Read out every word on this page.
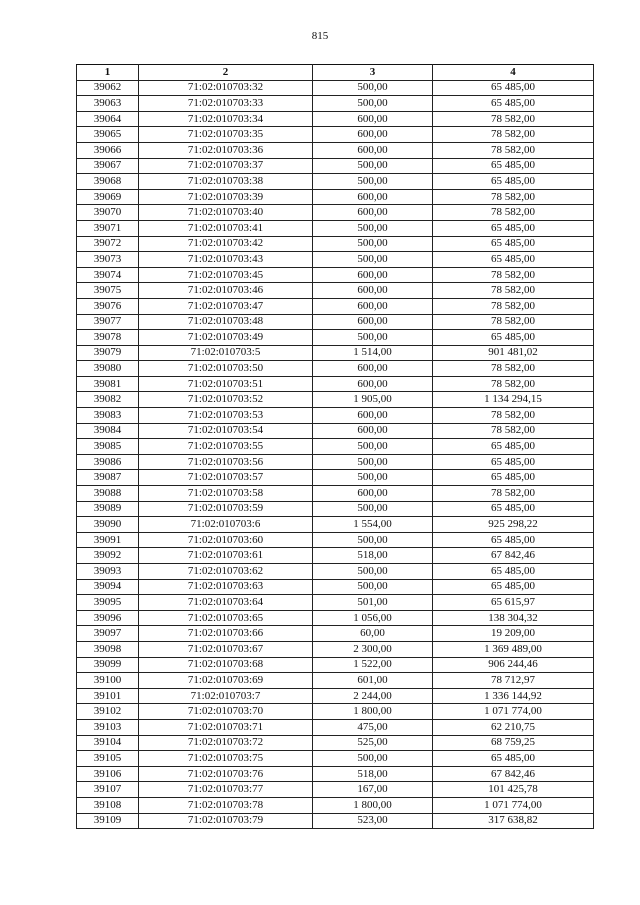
815
1	2	3	4
39062	71:02:010703:32	500,00	65 485,00
39063	71:02:010703:33	500,00	65 485,00
39064	71:02:010703:34	600,00	78 582,00
39065	71:02:010703:35	600,00	78 582,00
39066	71:02:010703:36	600,00	78 582,00
39067	71:02:010703:37	500,00	65 485,00
39068	71:02:010703:38	500,00	65 485,00
39069	71:02:010703:39	600,00	78 582,00
39070	71:02:010703:40	600,00	78 582,00
39071	71:02:010703:41	500,00	65 485,00
39072	71:02:010703:42	500,00	65 485,00
39073	71:02:010703:43	500,00	65 485,00
39074	71:02:010703:45	600,00	78 582,00
39075	71:02:010703:46	600,00	78 582,00
39076	71:02:010703:47	600,00	78 582,00
39077	71:02:010703:48	600,00	78 582,00
39078	71:02:010703:49	500,00	65 485,00
39079	71:02:010703:5	1 514,00	901 481,02
39080	71:02:010703:50	600,00	78 582,00
39081	71:02:010703:51	600,00	78 582,00
39082	71:02:010703:52	1 905,00	1 134 294,15
39083	71:02:010703:53	600,00	78 582,00
39084	71:02:010703:54	600,00	78 582,00
39085	71:02:010703:55	500,00	65 485,00
39086	71:02:010703:56	500,00	65 485,00
39087	71:02:010703:57	500,00	65 485,00
39088	71:02:010703:58	600,00	78 582,00
39089	71:02:010703:59	500,00	65 485,00
39090	71:02:010703:6	1 554,00	925 298,22
39091	71:02:010703:60	500,00	65 485,00
39092	71:02:010703:61	518,00	67 842,46
39093	71:02:010703:62	500,00	65 485,00
39094	71:02:010703:63	500,00	65 485,00
39095	71:02:010703:64	501,00	65 615,97
39096	71:02:010703:65	1 056,00	138 304,32
39097	71:02:010703:66	60,00	19 209,00
39098	71:02:010703:67	2 300,00	1 369 489,00
39099	71:02:010703:68	1 522,00	906 244,46
39100	71:02:010703:69	601,00	78 712,97
39101	71:02:010703:7	2 244,00	1 336 144,92
39102	71:02:010703:70	1 800,00	1 071 774,00
39103	71:02:010703:71	475,00	62 210,75
39104	71:02:010703:72	525,00	68 759,25
39105	71:02:010703:75	500,00	65 485,00
39106	71:02:010703:76	518,00	67 842,46
39107	71:02:010703:77	167,00	101 425,78
39108	71:02:010703:78	1 800,00	1 071 774,00
39109	71:02:010703:79	523,00	317 638,82
